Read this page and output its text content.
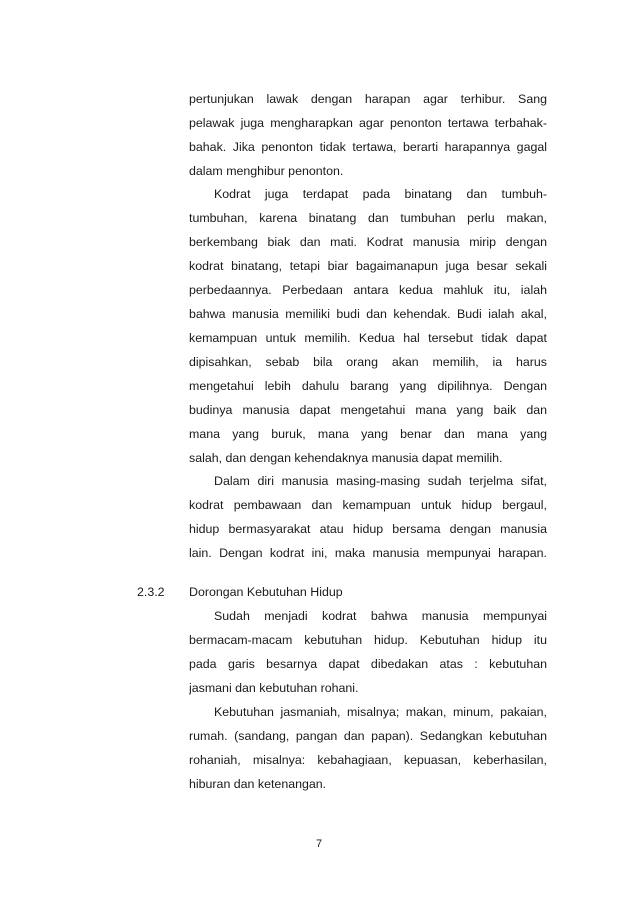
pertunjukan lawak dengan harapan agar terhibur. Sang
pelawak juga mengharapkan agar penonton tertawa terbahak-
bahak. Jika penonton tidak tertawa, berarti harapannya gagal
dalam menghibur penonton.
Kodrat juga terdapat pada binatang dan tumbuh-
tumbuhan, karena binatang dan tumbuhan perlu makan,
berkembang biak dan mati. Kodrat manusia mirip dengan
kodrat binatang, tetapi biar bagaimanapun juga besar sekali
perbedaannya. Perbedaan antara kedua mahluk itu, ialah
bahwa manusia memiliki budi dan kehendak. Budi ialah akal,
kemampuan untuk memilih. Kedua hal tersebut tidak dapat
dipisahkan, sebab bila orang akan memilih, ia harus
mengetahui lebih dahulu barang yang dipilihnya. Dengan
budinya manusia dapat mengetahui mana yang baik dan
mana yang buruk, mana yang benar dan mana yang
salah, dan dengan kehendaknya manusia dapat memilih.
Dalam diri manusia masing-masing sudah terjelma sifat,
kodrat pembawaan dan kemampuan untuk hidup bergaul,
hidup bermasyarakat atau hidup bersama dengan manusia
lain. Dengan kodrat ini, maka manusia mempunyai harapan.
2.3.2	Dorongan Kebutuhan Hidup
Sudah menjadi kodrat bahwa manusia mempunyai
bermacam-macam kebutuhan hidup. Kebutuhan hidup itu
pada garis besarnya dapat dibedakan atas : kebutuhan
jasmani dan kebutuhan rohani.
Kebutuhan jasmaniah, misalnya; makan, minum, pakaian,
rumah. (sandang, pangan dan papan). Sedangkan kebutuhan
rohaniah, misalnya: kebahagiaan, kepuasan, keberhasilan,
hiburan dan ketenangan.
7
